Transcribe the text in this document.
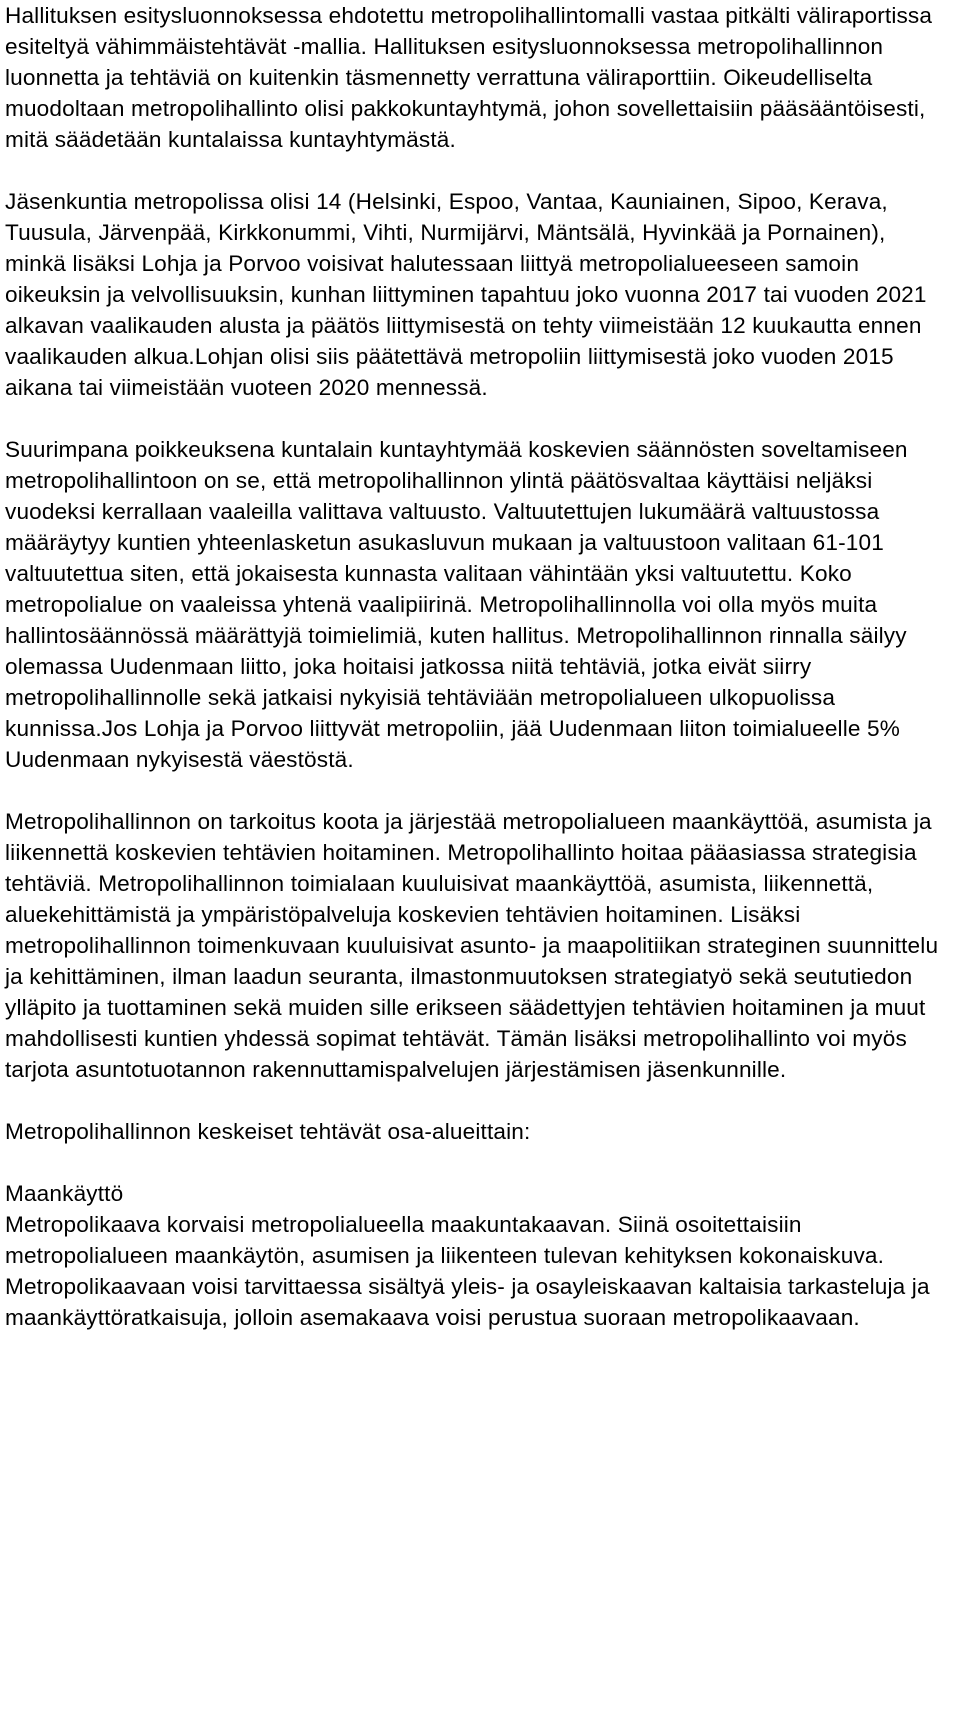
Hallituksen esitysluonnoksessa ehdotettu metropolihallintomalli vastaa pitkälti väliraportissa esiteltyä vähimmäistehtävät -mallia. Hallituksen esitysluonnoksessa metropolihallinnon luonnetta ja tehtäviä on kuitenkin täsmennetty verrattuna väliraporttiin. Oikeudelliselta muodoltaan metropolihallinto olisi pakkokuntayhtymä, johon sovellettaisiin pääsääntöisesti, mitä säädetään kuntalaissa kuntayhtymästä.

Jäsenkuntia metropolissa olisi 14 (Helsinki, Espoo, Vantaa, Kauniainen, Sipoo, Kerava, Tuusula, Järvenpää, Kirkkonummi, Vihti, Nurmijärvi, Mäntsälä, Hyvinkää ja Pornainen), minkä lisäksi Lohja ja Porvoo voisivat halutessaan liittyä metropolialueeseen samoin oikeuksin ja velvollisuuksin, kunhan liittyminen tapahtuu joko vuonna 2017 tai vuoden 2021 alkavan vaalikauden alusta ja päätös liittymisestä on tehty viimeistään 12 kuukautta ennen vaalikauden alkua.Lohjan olisi siis päätettävä metropoliin liittymisestä joko vuoden 2015 aikana tai viimeistään vuoteen 2020 mennessä.

Suurimpana poikkeuksena kuntalain kuntayhtymää koskevien säännösten soveltamiseen metropolihallintoon on se, että metropolihallinnon ylintä päätösvaltaa käyttäisi neljäksi vuodeksi kerrallaan vaaleilla valittava valtuusto. Valtuutettujen lukumäärä valtuustossa määräytyy kuntien yhteenlasketun asukasluvun mukaan ja valtuustoon valitaan 61-101 valtuutettua siten, että jokaisesta kunnasta valitaan vähintään yksi valtuutettu. Koko metropolialue on vaaleissa yhtenä vaalipiirinä. Metropolihallinnolla voi olla myös muita hallintosäännössä määrättyjä toimielimiä, kuten hallitus. Metropolihallinnon rinnalla säilyy olemassa Uudenmaan liitto, joka hoitaisi jatkossa niitä tehtäviä, jotka eivät siirry metropolihallinnolle sekä jatkaisi nykyisiä tehtäviään metropolialueen ulkopuolissa kunnissa.Jos Lohja ja Porvoo liittyvät metropoliin, jää Uudenmaan liiton toimialueelle 5% Uudenmaan nykyisestä väestöstä.

Metropolihallinnon on tarkoitus koota ja järjestää metropolialueen maankäyttöä, asumista ja liikennettä koskevien tehtävien hoitaminen. Metropolihallinto hoitaa pääasiassa strategisia tehtäviä. Metropolihallinnon toimialaan kuuluisivat maankäyttöä, asumista, liikennettä, aluekehittämistä ja ympäristöpalveluja koskevien tehtävien hoitaminen. Lisäksi metropolihallinnon toimenkuvaan kuuluisivat asunto- ja maapolitiikan strateginen suunnittelu ja kehittäminen, ilman laadun seuranta, ilmastonmuutoksen strategiatyö sekä seututiedon ylläpito ja tuottaminen sekä muiden sille erikseen säädettyjen tehtävien hoitaminen ja muut mahdollisesti kuntien yhdessä sopimat tehtävät. Tämän lisäksi metropolihallinto voi myös tarjota asuntotuotannon rakennuttamispalvelujen järjestämisen jäsenkunnille.

Metropolihallinnon keskeiset tehtävät osa-alueittain:

Maankäyttö

Metropolikaava korvaisi metropolialueella maakuntakaavan. Siinä osoitettaisiin metropolialueen maankäytön, asumisen ja liikenteen tulevan kehityksen kokonaiskuva. Metropolikaavaan voisi tarvittaessa sisältyä yleis- ja osayleiskaavan kaltaisia tarkasteluja ja maankäyttöratkaisuja, jolloin asemakaava voisi perustua suoraan metropolikaavaan.
